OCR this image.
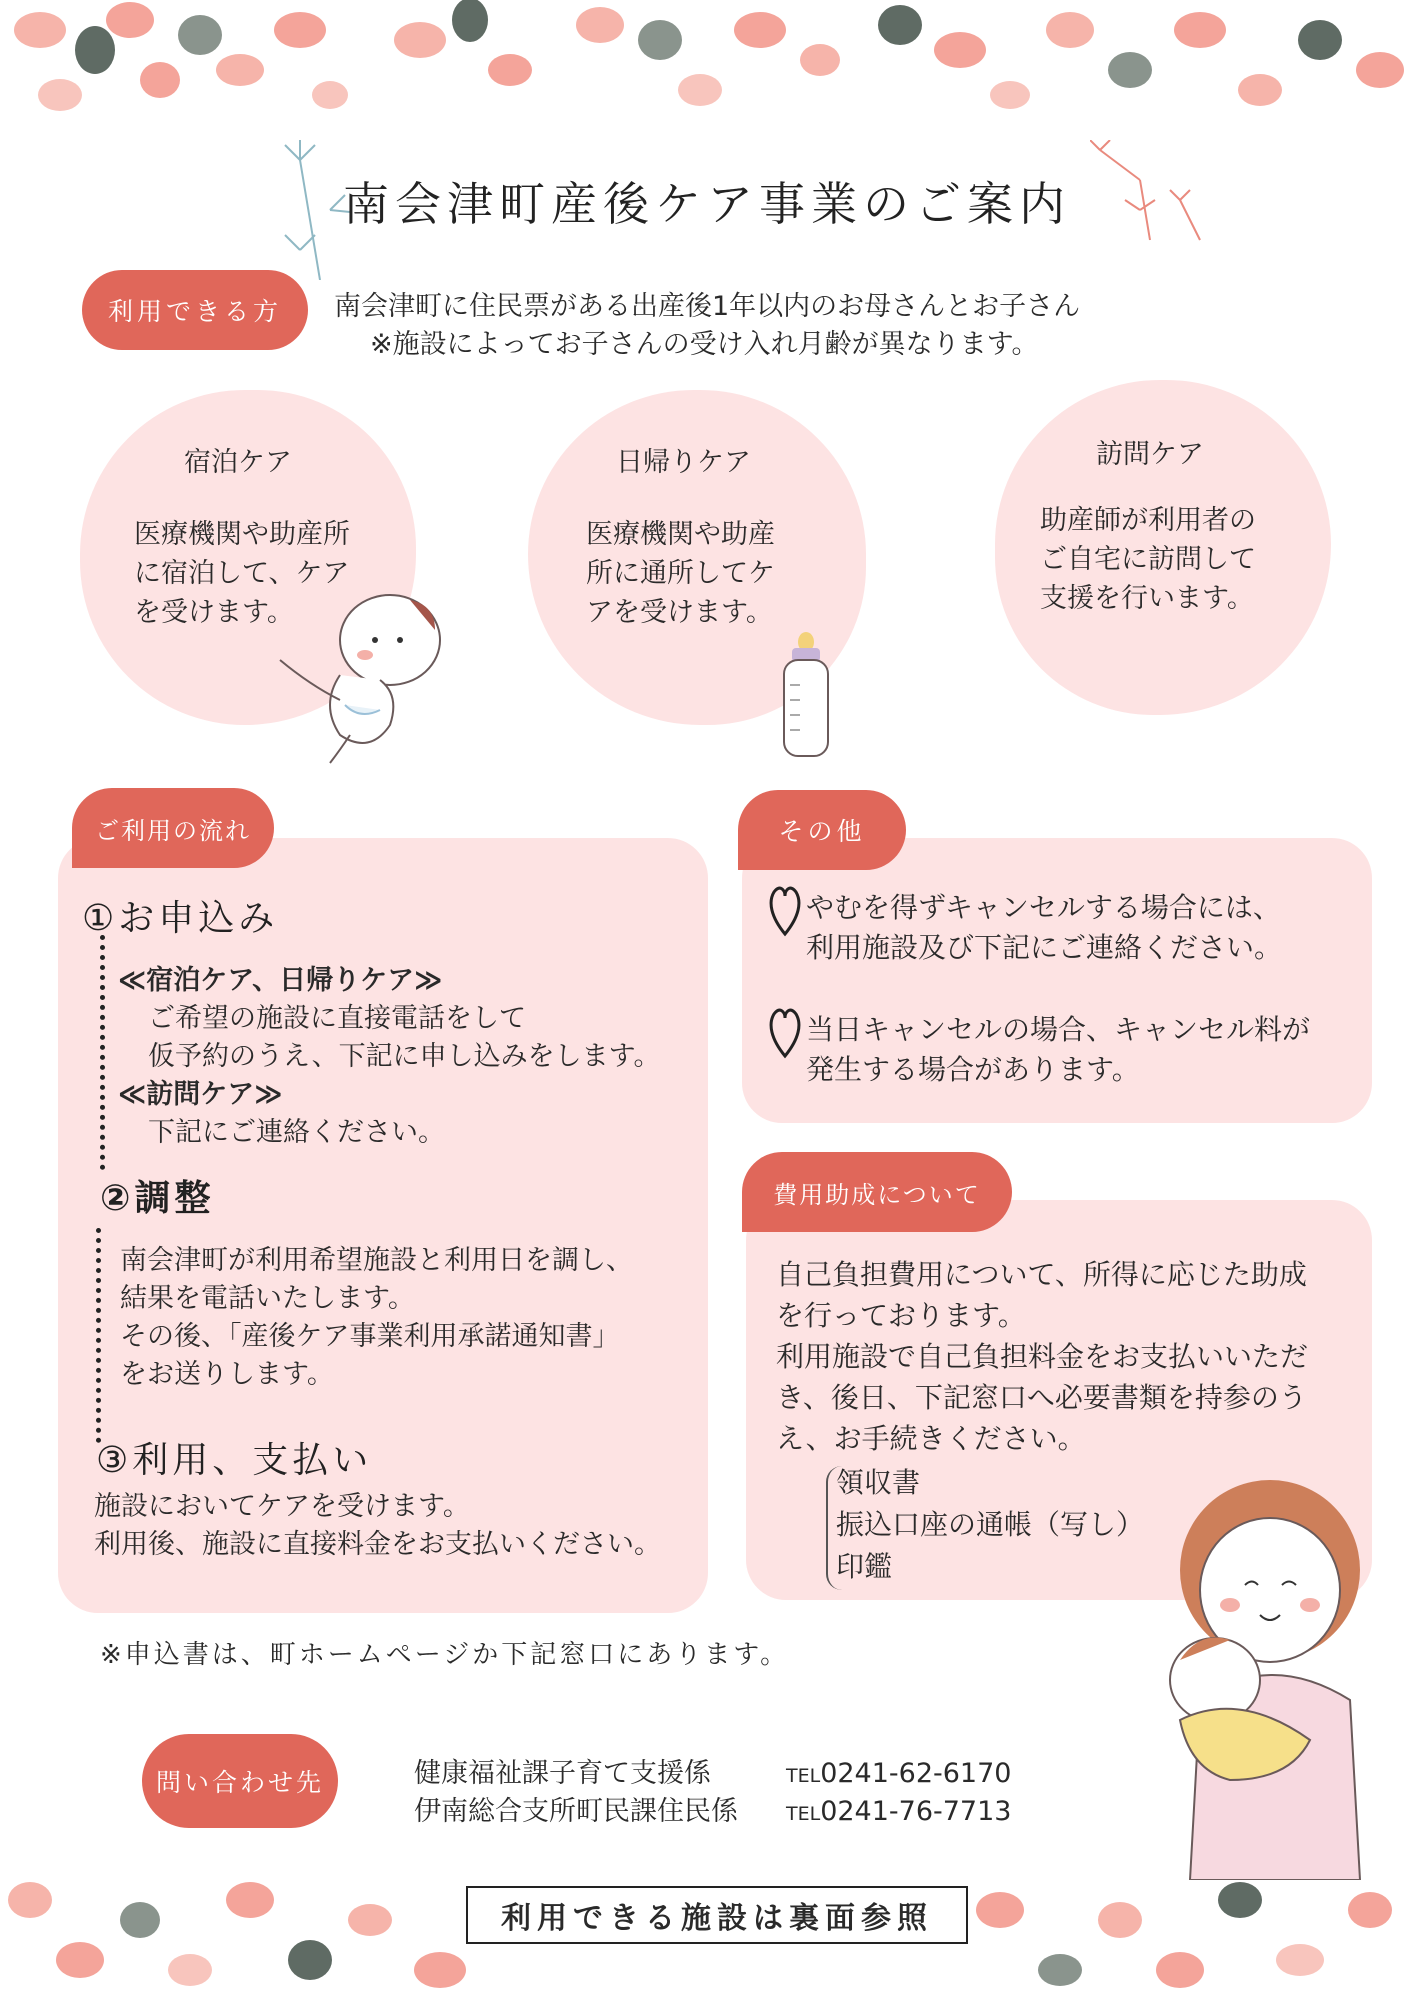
南会津町産後ケア事業のご案内
利用できる方	南会津町に住民票がある出産後1年以内のお母さんとお子さん
※施設によってお子さんの受け入れ月齢が異なります。
宿泊ケア
医療機関や助産所
に宿泊して、ケア
を受けます。
日帰りケア
医療機関や助産
所に通所してケ
アを受けます。
訪問ケア
助産師が利用者の
ご自宅に訪問して
支援を行います。
ご利用の流れ
①お申込み
≪宿泊ケア、日帰りケア≫
ご希望の施設に直接電話をして
仮予約のうえ、下記に申し込みをします。
≪訪問ケア≫
下記にご連絡ください。
②調整
南会津町が利用希望施設と利用日を調し、
結果を電話いたします。
その後、「産後ケア事業利用承諾通知書」
をお送りします。
③利用、支払い
施設においてケアを受けます。
利用後、施設に直接料金をお支払いください。
その他
やむを得ずキャンセルする場合には、
利用施設及び下記にご連絡ください。
当日キャンセルの場合、キャンセル料が
発生する場合があります。
費用助成について
自己負担費用について、所得に応じた助成
を行っております。
利用施設で自己負担料金をお支払いいただ
き、後日、下記窓口へ必要書類を持参のう
え、お手続きください。
領収書
振込口座の通帳（写し）
印鑑
※申込書は、町ホームページか下記窓口にあります。
問い合わせ先	健康福祉課子育て支援係	TEL0241-62-6170
伊南総合支所町民課住民係	TEL0241-76-7713
利用できる施設は裏面参照
